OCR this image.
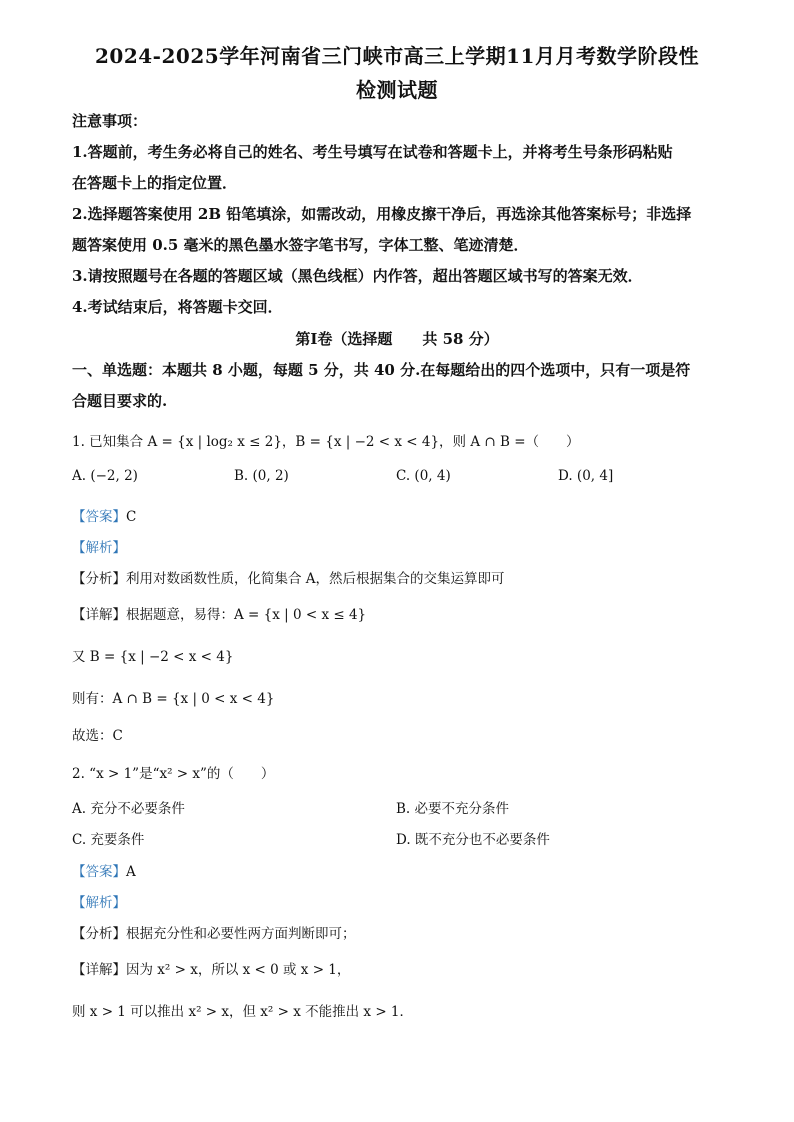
2024-2025学年河南省三门峡市高三上学期11月月考数学阶段性
检测试题
注意事项：
1.答题前，考生务必将自己的姓名、考生号填写在试卷和答题卡上，并将考生号条形码粘贴
在答题卡上的指定位置．
2.选择题答案使用 2B 铅笔填涂，如需改动，用橡皮擦干净后，再选涂其他答案标号；非选择
题答案使用 0.5 毫米的黑色墨水签字笔书写，字体工整、笔迹清楚．
3.请按照题号在各题的答题区域（黑色线框）内作答，超出答题区域书写的答案无效．
4.考试结束后，将答题卡交回．
第Ⅰ卷（选择题　　共 58 分）
一、单选题：本题共 8 小题，每题 5 分，共 40 分.在每题给出的四个选项中，只有一项是符
合题目要求的.
1. 已知集合 A = {x | log₂ x ≤ 2}，B = {x | −2 < x < 4}，则 A ∩ B =（　　）
A. (−2, 2)	B. (0, 2)	C. (0, 4)	D. (0, 4]
【答案】C
【解析】
【分析】利用对数函数性质，化简集合 A，然后根据集合的交集运算即可
【详解】根据题意，易得：A = {x | 0 < x ≤ 4}
又 B = {x | −2 < x < 4}
则有：A ∩ B = {x | 0 < x < 4}
故选：C
2. “x > 1”是“x² > x”的（　　）
A. 充分不必要条件	B. 必要不充分条件
C. 充要条件	D. 既不充分也不必要条件
【答案】A
【解析】
【分析】根据充分性和必要性两方面判断即可；
【详解】因为 x² > x，所以 x < 0 或 x > 1，
则 x > 1 可以推出 x² > x，但 x² > x 不能推出 x > 1．
